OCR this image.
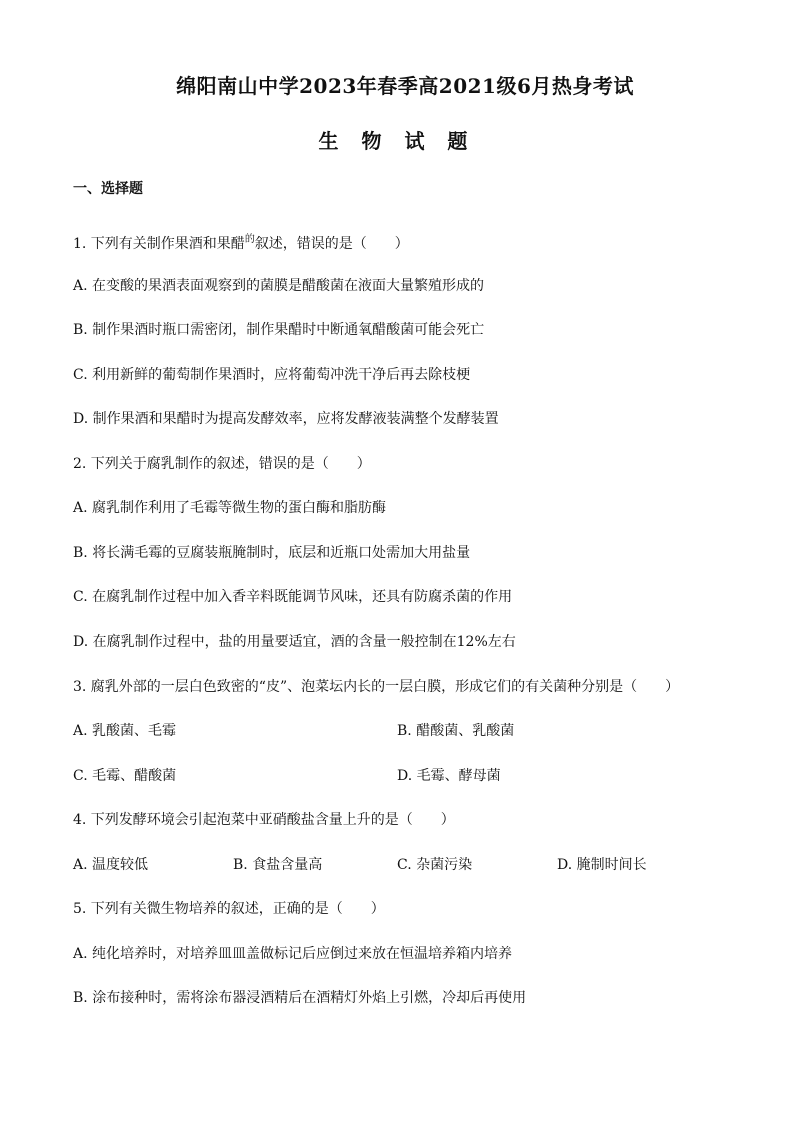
绵阳南山中学2023年春季高2021级6月热身考试
生 物 试 题
一、选择题
1. 下列有关制作果酒和果醋$^的$叙述，错误的是（　　）
A. 在变酸的果酒表面观察到的菌膜是醋酸菌在液面大量繁殖形成的
B. 制作果酒时瓶口需密闭，制作果醋时中断通氧醋酸菌可能会死亡
C. 利用新鲜的葡萄制作果酒时，应将葡萄冲洗干净后再去除枝梗
D. 制作果酒和果醋时为提高发酵效率，应将发酵液装满整个发酵装置
2. 下列关于腐乳制作的叙述，错误的是（　　）
A. 腐乳制作利用了毛霉等微生物的蛋白酶和脂肪酶
B. 将长满毛霉的豆腐装瓶腌制时，底层和近瓶口处需加大用盐量
C. 在腐乳制作过程中加入香辛料既能调节风味，还具有防腐杀菌的作用
D. 在腐乳制作过程中，盐的用量要适宜，酒的含量一般控制在12%左右
3. 腐乳外部的一层白色致密的“皮”、泡菜坛内长的一层白膜，形成它们的有关菌种分别是（　　）
A. 乳酸菌、毛霉	B. 醋酸菌、乳酸菌
C. 毛霉、醋酸菌	D. 毛霉、酵母菌
4. 下列发酵环境会引起泡菜中亚硝酸盐含量上升的是（　　）
A. 温度较低	B. 食盐含量高	C. 杂菌污染	D. 腌制时间长
5. 下列有关微生物培养的叙述，正确的是（　　）
A. 纯化培养时，对培养皿皿盖做标记后应倒过来放在恒温培养箱内培养
B. 涂布接种时，需将涂布器浸酒精后在酒精灯外焰上引燃，冷却后再使用
